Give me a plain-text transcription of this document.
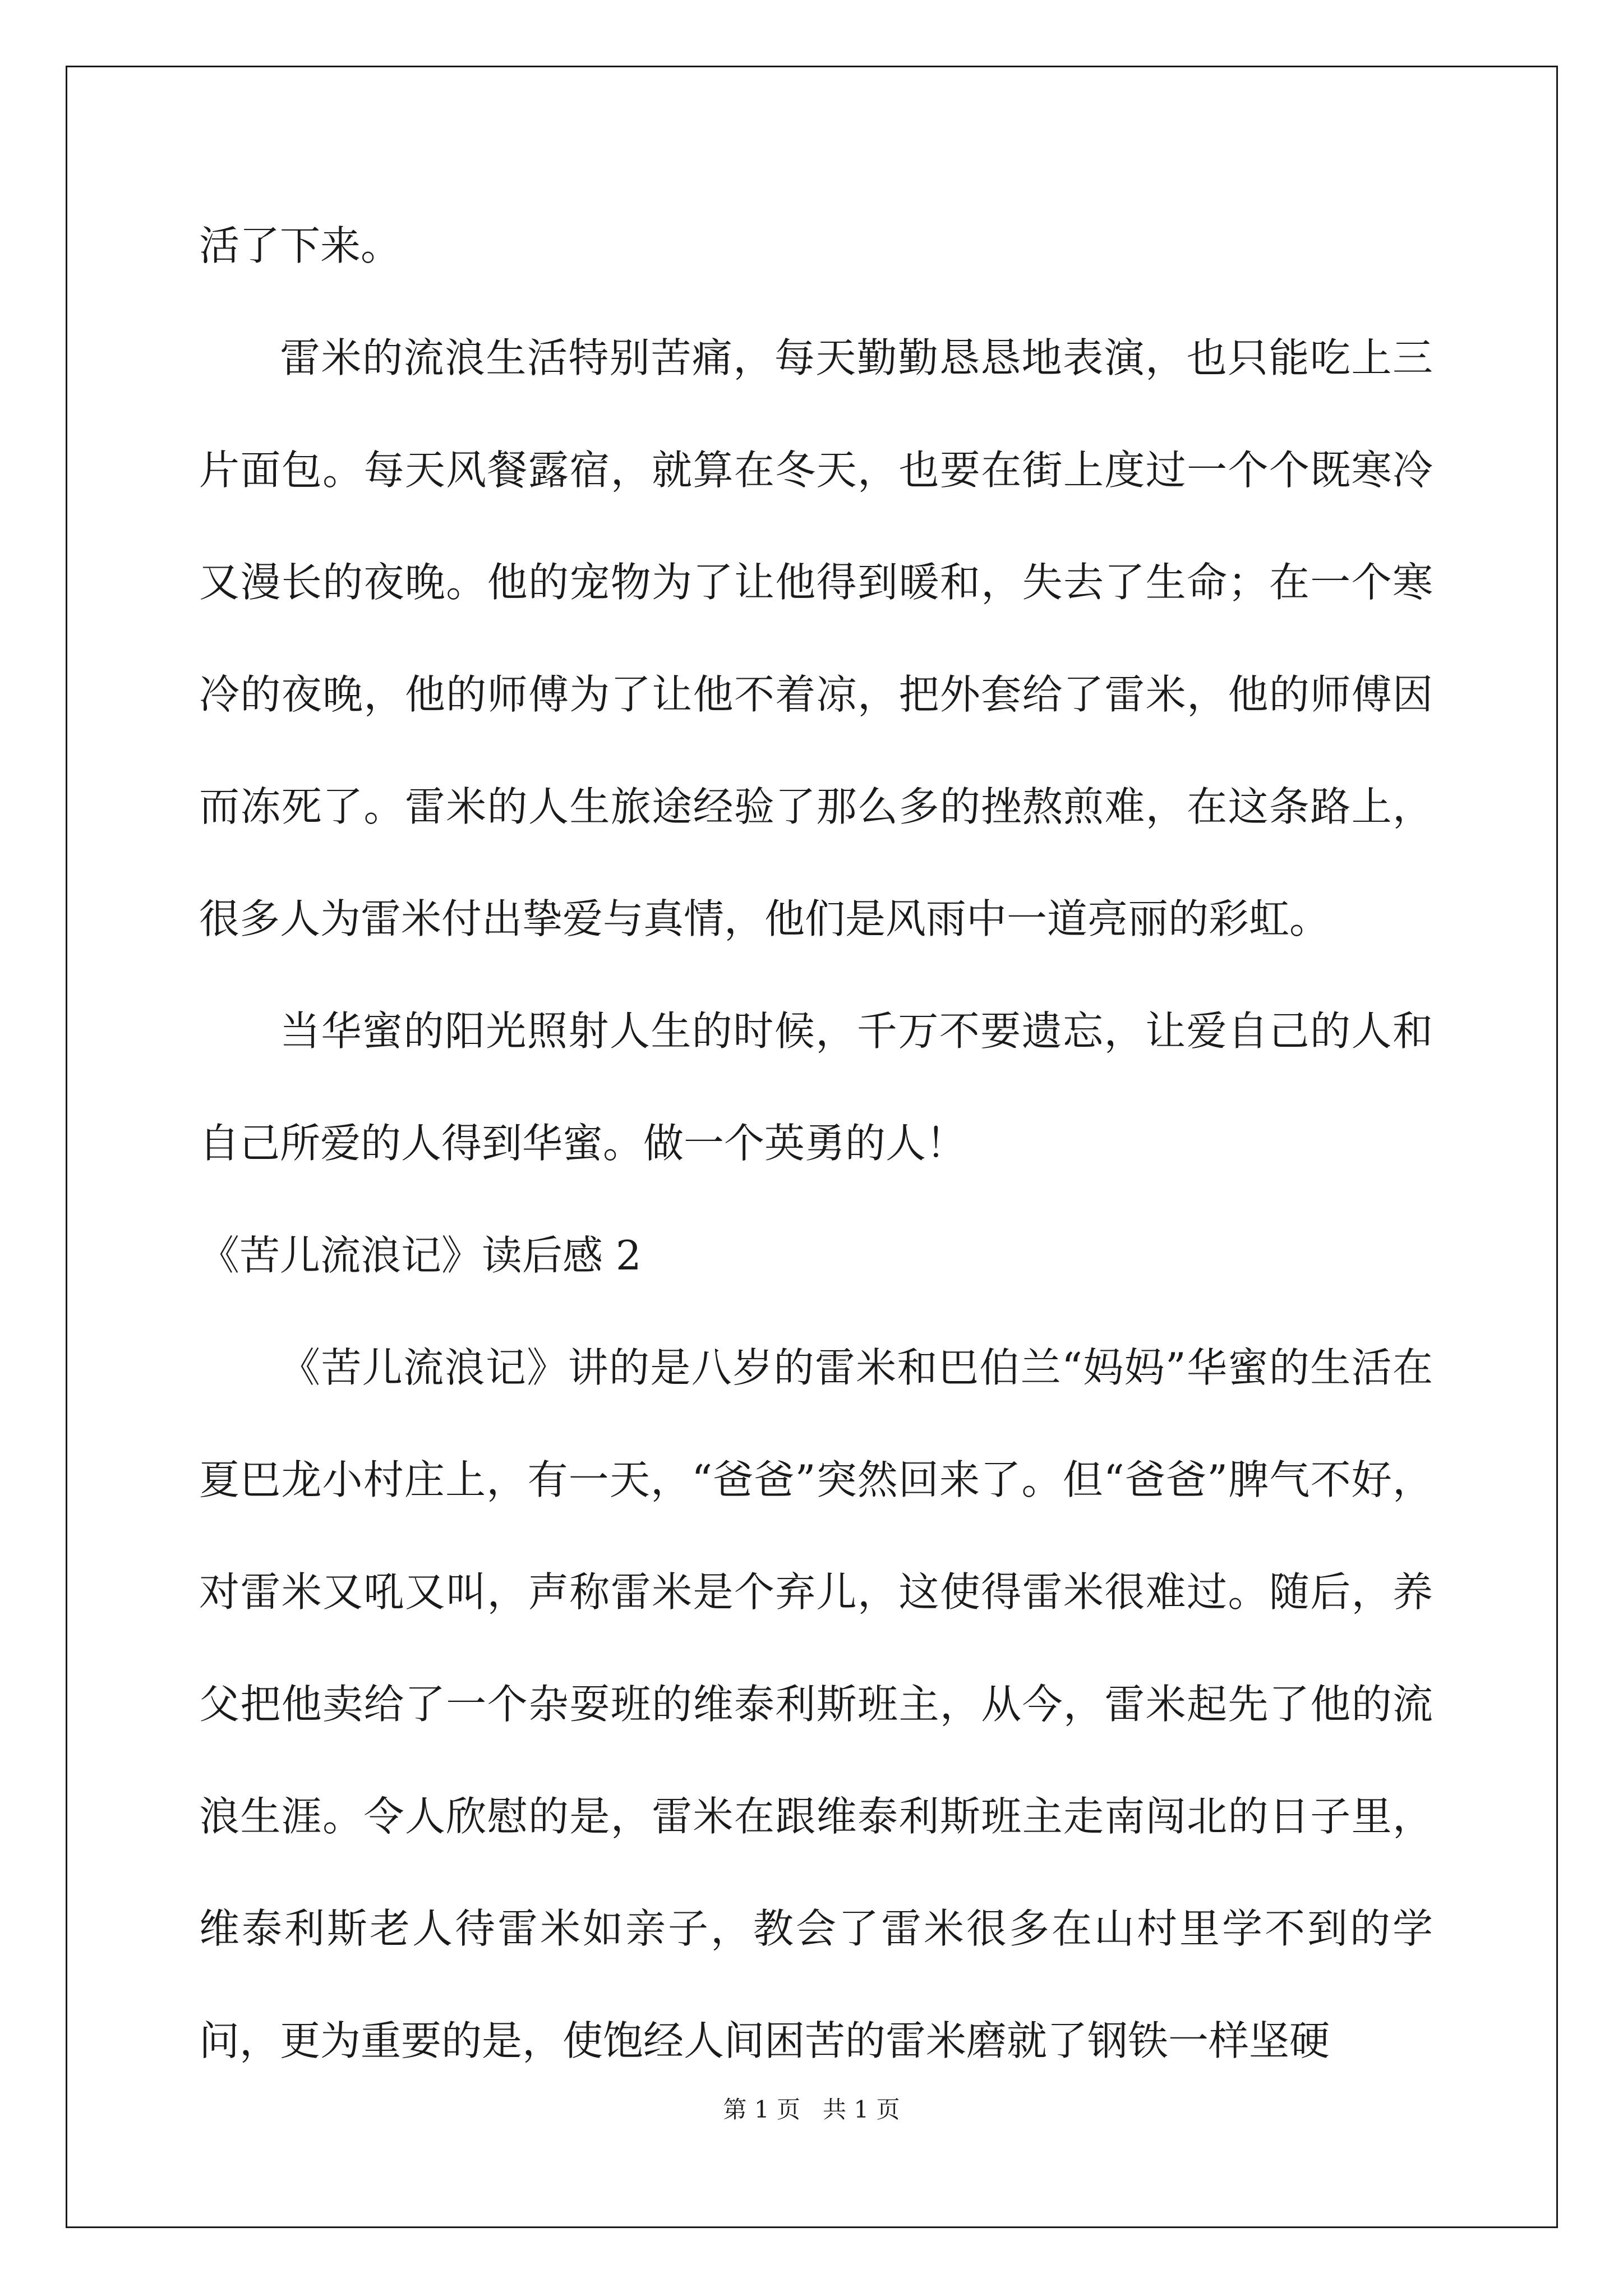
活了下来。

雷米的流浪生活特别苦痛，每天勤勤恳恳地表演，也只能吃上三片面包。每天风餐露宿，就算在冬天，也要在街上度过一个个既寒冷又漫长的夜晚。他的宠物为了让他得到暖和，失去了生命；在一个寒冷的夜晚，他的师傅为了让他不着凉，把外套给了雷米，他的师傅因而冻死了。雷米的人生旅途经验了那么多的挫熬煎难，在这条路上，很多人为雷米付出挚爱与真情，他们是风雨中一道亮丽的彩虹。

当华蜜的阳光照射人生的时候，千万不要遗忘，让爱自己的人和自己所爱的人得到华蜜。做一个英勇的人！

《苦儿流浪记》读后感 2

《苦儿流浪记》讲的是八岁的雷米和巴伯兰“妈妈”华蜜的生活在夏巴龙小村庄上，有一天，“爸爸”突然回来了。但“爸爸”脾气不好，对雷米又吼又叫，声称雷米是个弃儿，这使得雷米很难过。随后，养父把他卖给了一个杂耍班的维泰利斯班主，从今，雷米起先了他的流浪生涯。令人欣慰的是，雷米在跟维泰利斯班主走南闯北的日子里，维泰利斯老人待雷米如亲子，教会了雷米很多在山村里学不到的学问，更为重要的是，使饱经人间困苦的雷米磨就了钢铁一样坚硬

第 1 页   共 1 页
